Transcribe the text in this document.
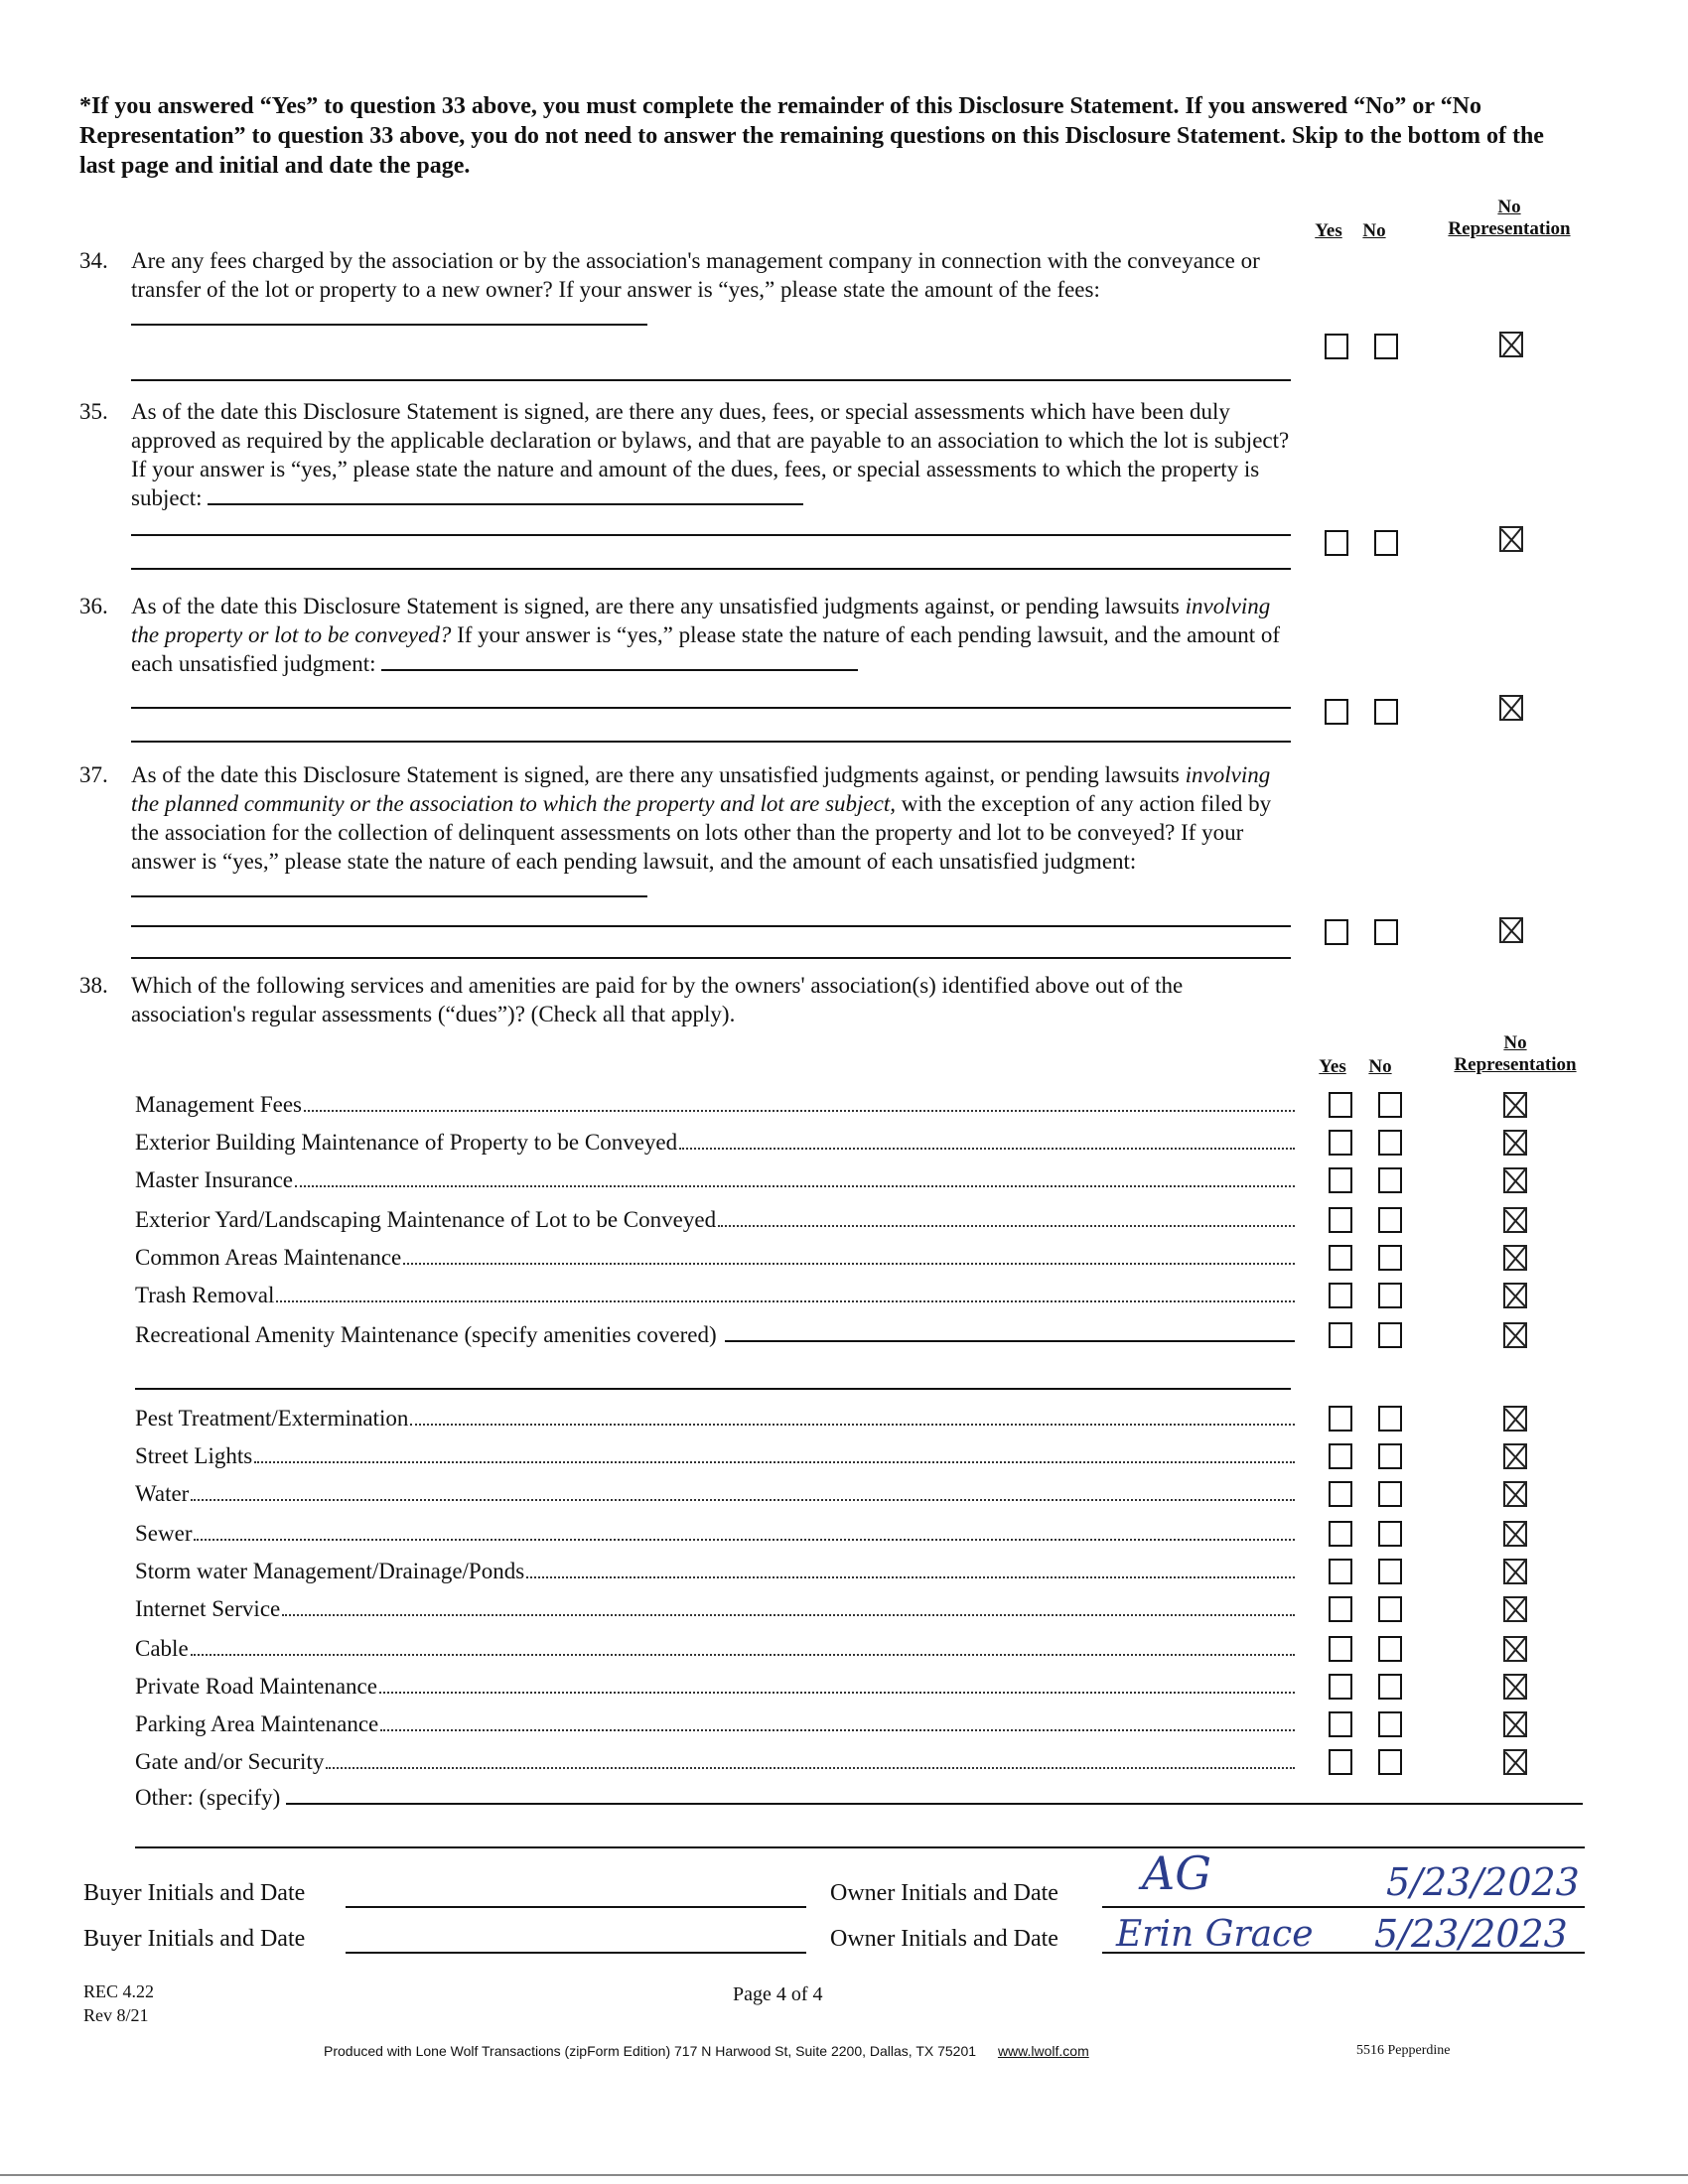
*If you answered “Yes” to question 33 above, you must complete the remainder of this Disclosure Statement. If you answered “No” or “No Representation” to question 33 above, you do not need to answer the remaining questions on this Disclosure Statement. Skip to the bottom of the last page and initial and date the page.
Yes	No
No
Representation
34. Are any fees charged by the association or by the association's management company in connection with the conveyance or transfer of the lot or property to a new owner? If your answer is “yes,” please state the amount of the fees:
35. As of the date this Disclosure Statement is signed, are there any dues, fees, or special assessments which have been duly approved as required by the applicable declaration or bylaws, and that are payable to an association to which the lot is subject? If your answer is “yes,” please state the nature and amount of the dues, fees, or special assessments to which the property is subject:
36. As of the date this Disclosure Statement is signed, are there any unsatisfied judgments against, or pending lawsuits involving the property or lot to be conveyed? If your answer is “yes,” please state the nature of each pending lawsuit, and the amount of each unsatisfied judgment:
37. As of the date this Disclosure Statement is signed, are there any unsatisfied judgments against, or pending lawsuits involving the planned community or the association to which the property and lot are subject, with the exception of any action filed by the association for the collection of delinquent assessments on lots other than the property and lot to be conveyed? If your answer is “yes,” please state the nature of each pending lawsuit, and the amount of each unsatisfied judgment:
38. Which of the following services and amenities are paid for by the owners' association(s) identified above out of the association's regular assessments (“dues”)? (Check all that apply).
Yes	No
No
Representation
Management Fees
Exterior Building Maintenance of Property to be Conveyed
Master Insurance
Exterior Yard/Landscaping Maintenance of Lot to be Conveyed
Common Areas Maintenance
Trash Removal
Recreational Amenity Maintenance (specify amenities covered)
Pest Treatment/Extermination
Street Lights
Water
Sewer
Storm water Management/Drainage/Ponds
Internet Service
Cable
Private Road Maintenance
Parking Area Maintenance
Gate and/or Security
Other: (specify)
Buyer Initials and Date	Owner Initials and Date AG	5/23/2023
Buyer Initials and Date	Owner Initials and Date Erin Grace 5/23/2023
REC 4.22
Rev 8/21
Page 4 of 4
Produced with Lone Wolf Transactions (zipForm Edition) 717 N Harwood St, Suite 2200, Dallas, TX 75201 www.lwolf.com	5516 Pepperdine
